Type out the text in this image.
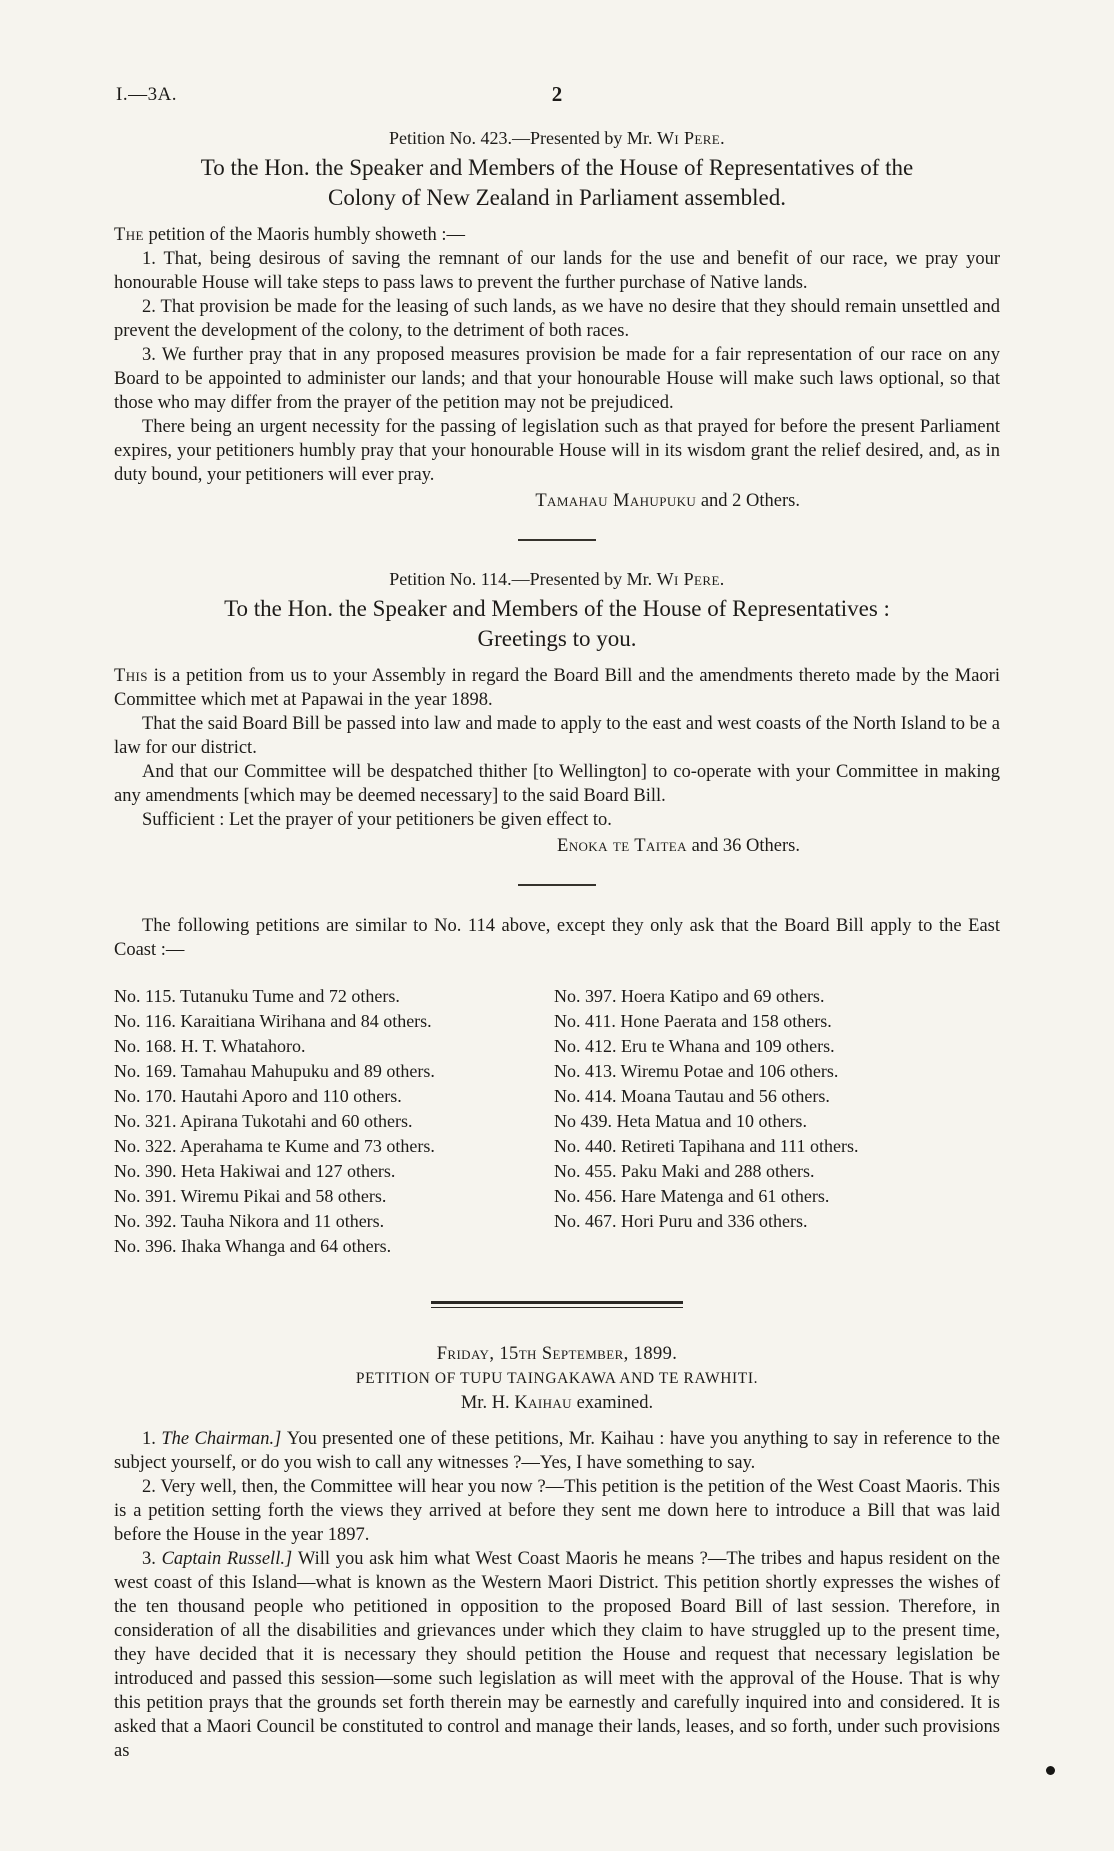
I.—3A.	2
Petition No. 423.—Presented by Mr. Wi Pere.
To the Hon. the Speaker and Members of the House of Representatives of the
Colony of New Zealand in Parliament assembled.

The petition of the Maoris humbly showeth :—

1. That, being desirous of saving the remnant of our lands for the use and benefit of our race, we pray your honourable House will take steps to pass laws to prevent the further purchase of Native lands.

2. That provision be made for the leasing of such lands, as we have no desire that they should remain unsettled and prevent the development of the colony, to the detriment of both races.

3. We further pray that in any proposed measures provision be made for a fair representation of our race on any Board to be appointed to administer our lands; and that your honourable House will make such laws optional, so that those who may differ from the prayer of the petition may not be prejudiced.

There being an urgent necessity for the passing of legislation such as that prayed for before the present Parliament expires, your petitioners humbly pray that your honourable House will in its wisdom grant the relief desired, and, as in duty bound, your petitioners will ever pray.

Tamahau Mahupuku and 2 Others.

Petition No. 114.—Presented by Mr. Wi Pere.
To the Hon. the Speaker and Members of the House of Representatives :
Greetings to you.

This is a petition from us to your Assembly in regard the Board Bill and the amendments thereto made by the Maori Committee which met at Papawai in the year 1898.

That the said Board Bill be passed into law and made to apply to the east and west coasts of the North Island to be a law for our district.

And that our Committee will be despatched thither [to Wellington] to co-operate with your Committee in making any amendments [which may be deemed necessary] to the said Board Bill.

Sufficient : Let the prayer of your petitioners be given effect to.

Enoka te Taitea and 36 Others.

The following petitions are similar to No. 114 above, except they only ask that the Board Bill apply to the East Coast :—

No. 115. Tutanuku Tume and 72 others.
No. 116. Karaitiana Wirihana and 84 others.
No. 168. H. T. Whatahoro.
No. 169. Tamahau Mahupuku and 89 others.
No. 170. Hautahi Aporo and 110 others.
No. 321. Apirana Tukotahi and 60 others.
No. 322. Aperahama te Kume and 73 others.
No. 390. Heta Hakiwai and 127 others.
No. 391. Wiremu Pikai and 58 others.
No. 392. Tauha Nikora and 11 others.
No. 396. Ihaka Whanga and 64 others.
No. 397. Hoera Katipo and 69 others.
No. 411. Hone Paerata and 158 others.
No. 412. Eru te Whana and 109 others.
No. 413. Wiremu Potae and 106 others.
No. 414. Moana Tautau and 56 others.
No 439. Heta Matua and 10 others.
No. 440. Retireti Tapihana and 111 others.
No. 455. Paku Maki and 288 others.
No. 456. Hare Matenga and 61 others.
No. 467. Hori Puru and 336 others.
Friday, 15th September, 1899.
PETITION OF TUPU TAINGAKAWA AND TE RAWHITI.
Mr. H. Kaihau examined.

1. The Chairman.] You presented one of these petitions, Mr. Kaihau : have you anything to say in reference to the subject yourself, or do you wish to call any witnesses ?—Yes, I have something to say.

2. Very well, then, the Committee will hear you now ?—This petition is the petition of the West Coast Maoris. This is a petition setting forth the views they arrived at before they sent me down here to introduce a Bill that was laid before the House in the year 1897.

3. Captain Russell.] Will you ask him what West Coast Maoris he means ?—The tribes and hapus resident on the west coast of this Island—what is known as the Western Maori District. This petition shortly expresses the wishes of the ten thousand people who petitioned in opposition to the proposed Board Bill of last session. Therefore, in consideration of all the disabilities and grievances under which they claim to have struggled up to the present time, they have decided that it is necessary they should petition the House and request that necessary legislation be introduced and passed this session—some such legislation as will meet with the approval of the House. That is why this petition prays that the grounds set forth therein may be earnestly and carefully inquired into and considered. It is asked that a Maori Council be constituted to control and manage their lands, leases, and so forth, under such provisions as
